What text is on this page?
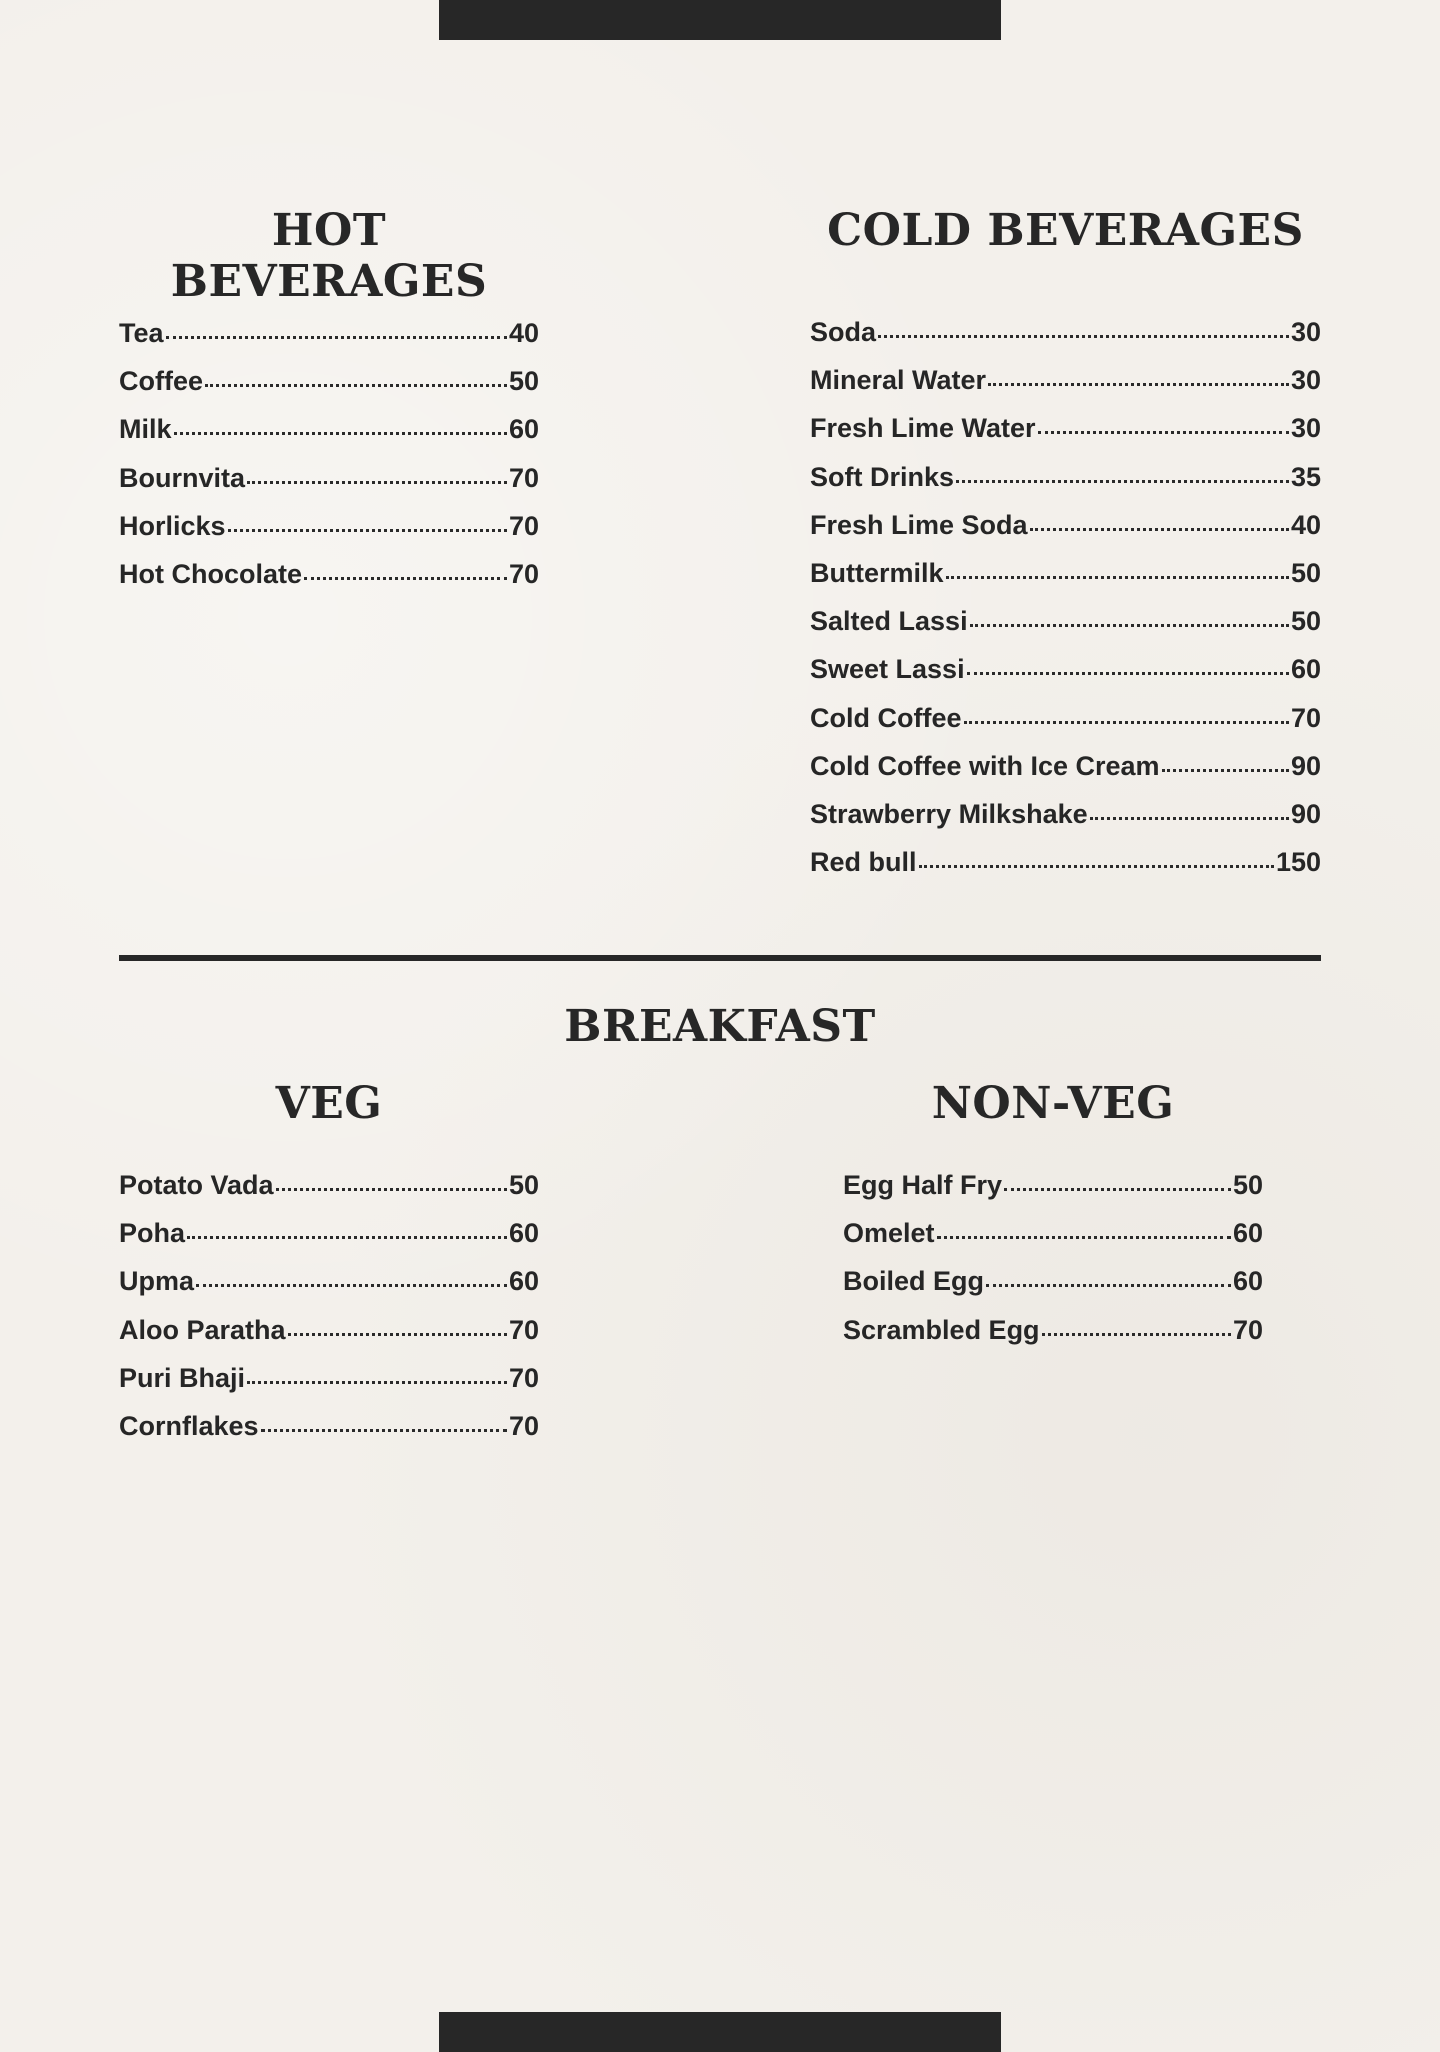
HOT BEVERAGES
Tea	40
Coffee	50
Milk	60
Bournvita	70
Horlicks	70
Hot Chocolate	70
COLD BEVERAGES
Soda	30
Mineral Water	30
Fresh Lime Water	30
Soft Drinks	35
Fresh Lime Soda	40
Buttermilk	50
Salted Lassi	50
Sweet Lassi	60
Cold Coffee	70
Cold Coffee with Ice Cream	90
Strawberry Milkshake	90
Red bull	150
BREAKFAST
VEG
Potato Vada	50
Poha	60
Upma	60
Aloo Paratha	70
Puri Bhaji	70
Cornflakes	70
NON-VEG
Egg Half Fry	50
Omelet	60
Boiled Egg	60
Scrambled Egg	70
